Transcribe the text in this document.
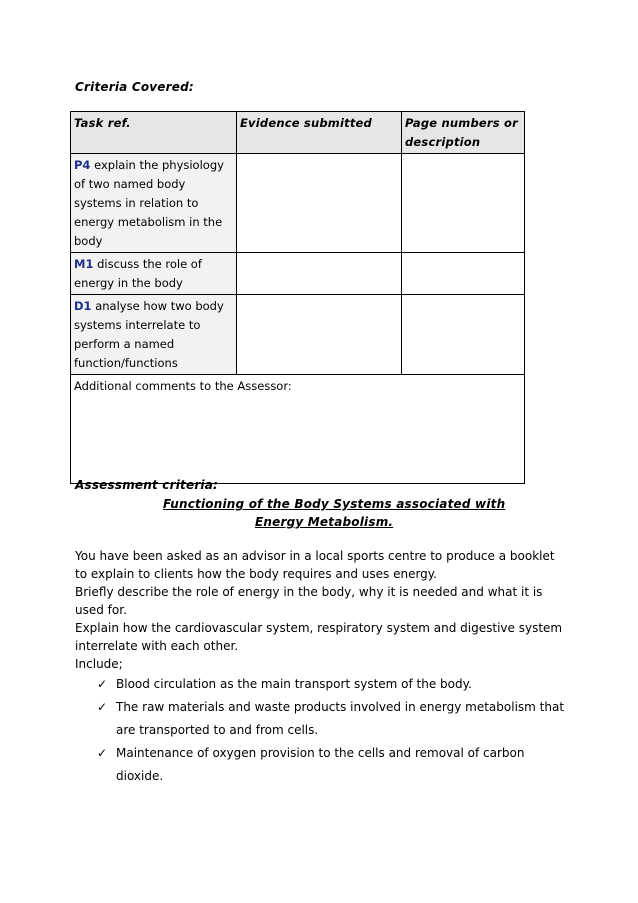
Criteria Covered:
Task ref.	Evidence submitted	Page numbers or description
P4 explain the physiology of two named body systems in relation to energy metabolism in the body		
M1 discuss the role of energy in the body		
D1 analyse how two body systems interrelate to perform a named function/functions		
Additional comments to the Assessor:		
Assessment criteria:
Functioning of the Body Systems associated with
Energy Metabolism.

You have been asked as an advisor in a local sports centre to produce a booklet to explain to clients how the body requires and uses energy.

Briefly describe the role of energy in the body, why it is needed and what it is used for.

Explain how the cardiovascular system, respiratory system and digestive system interrelate with each other.

Include;

✓ Blood circulation as the main transport system of the body.
✓ The raw materials and waste products involved in energy metabolism that are transported to and from cells.
✓ Maintenance of oxygen provision to the cells and removal of carbon dioxide.
